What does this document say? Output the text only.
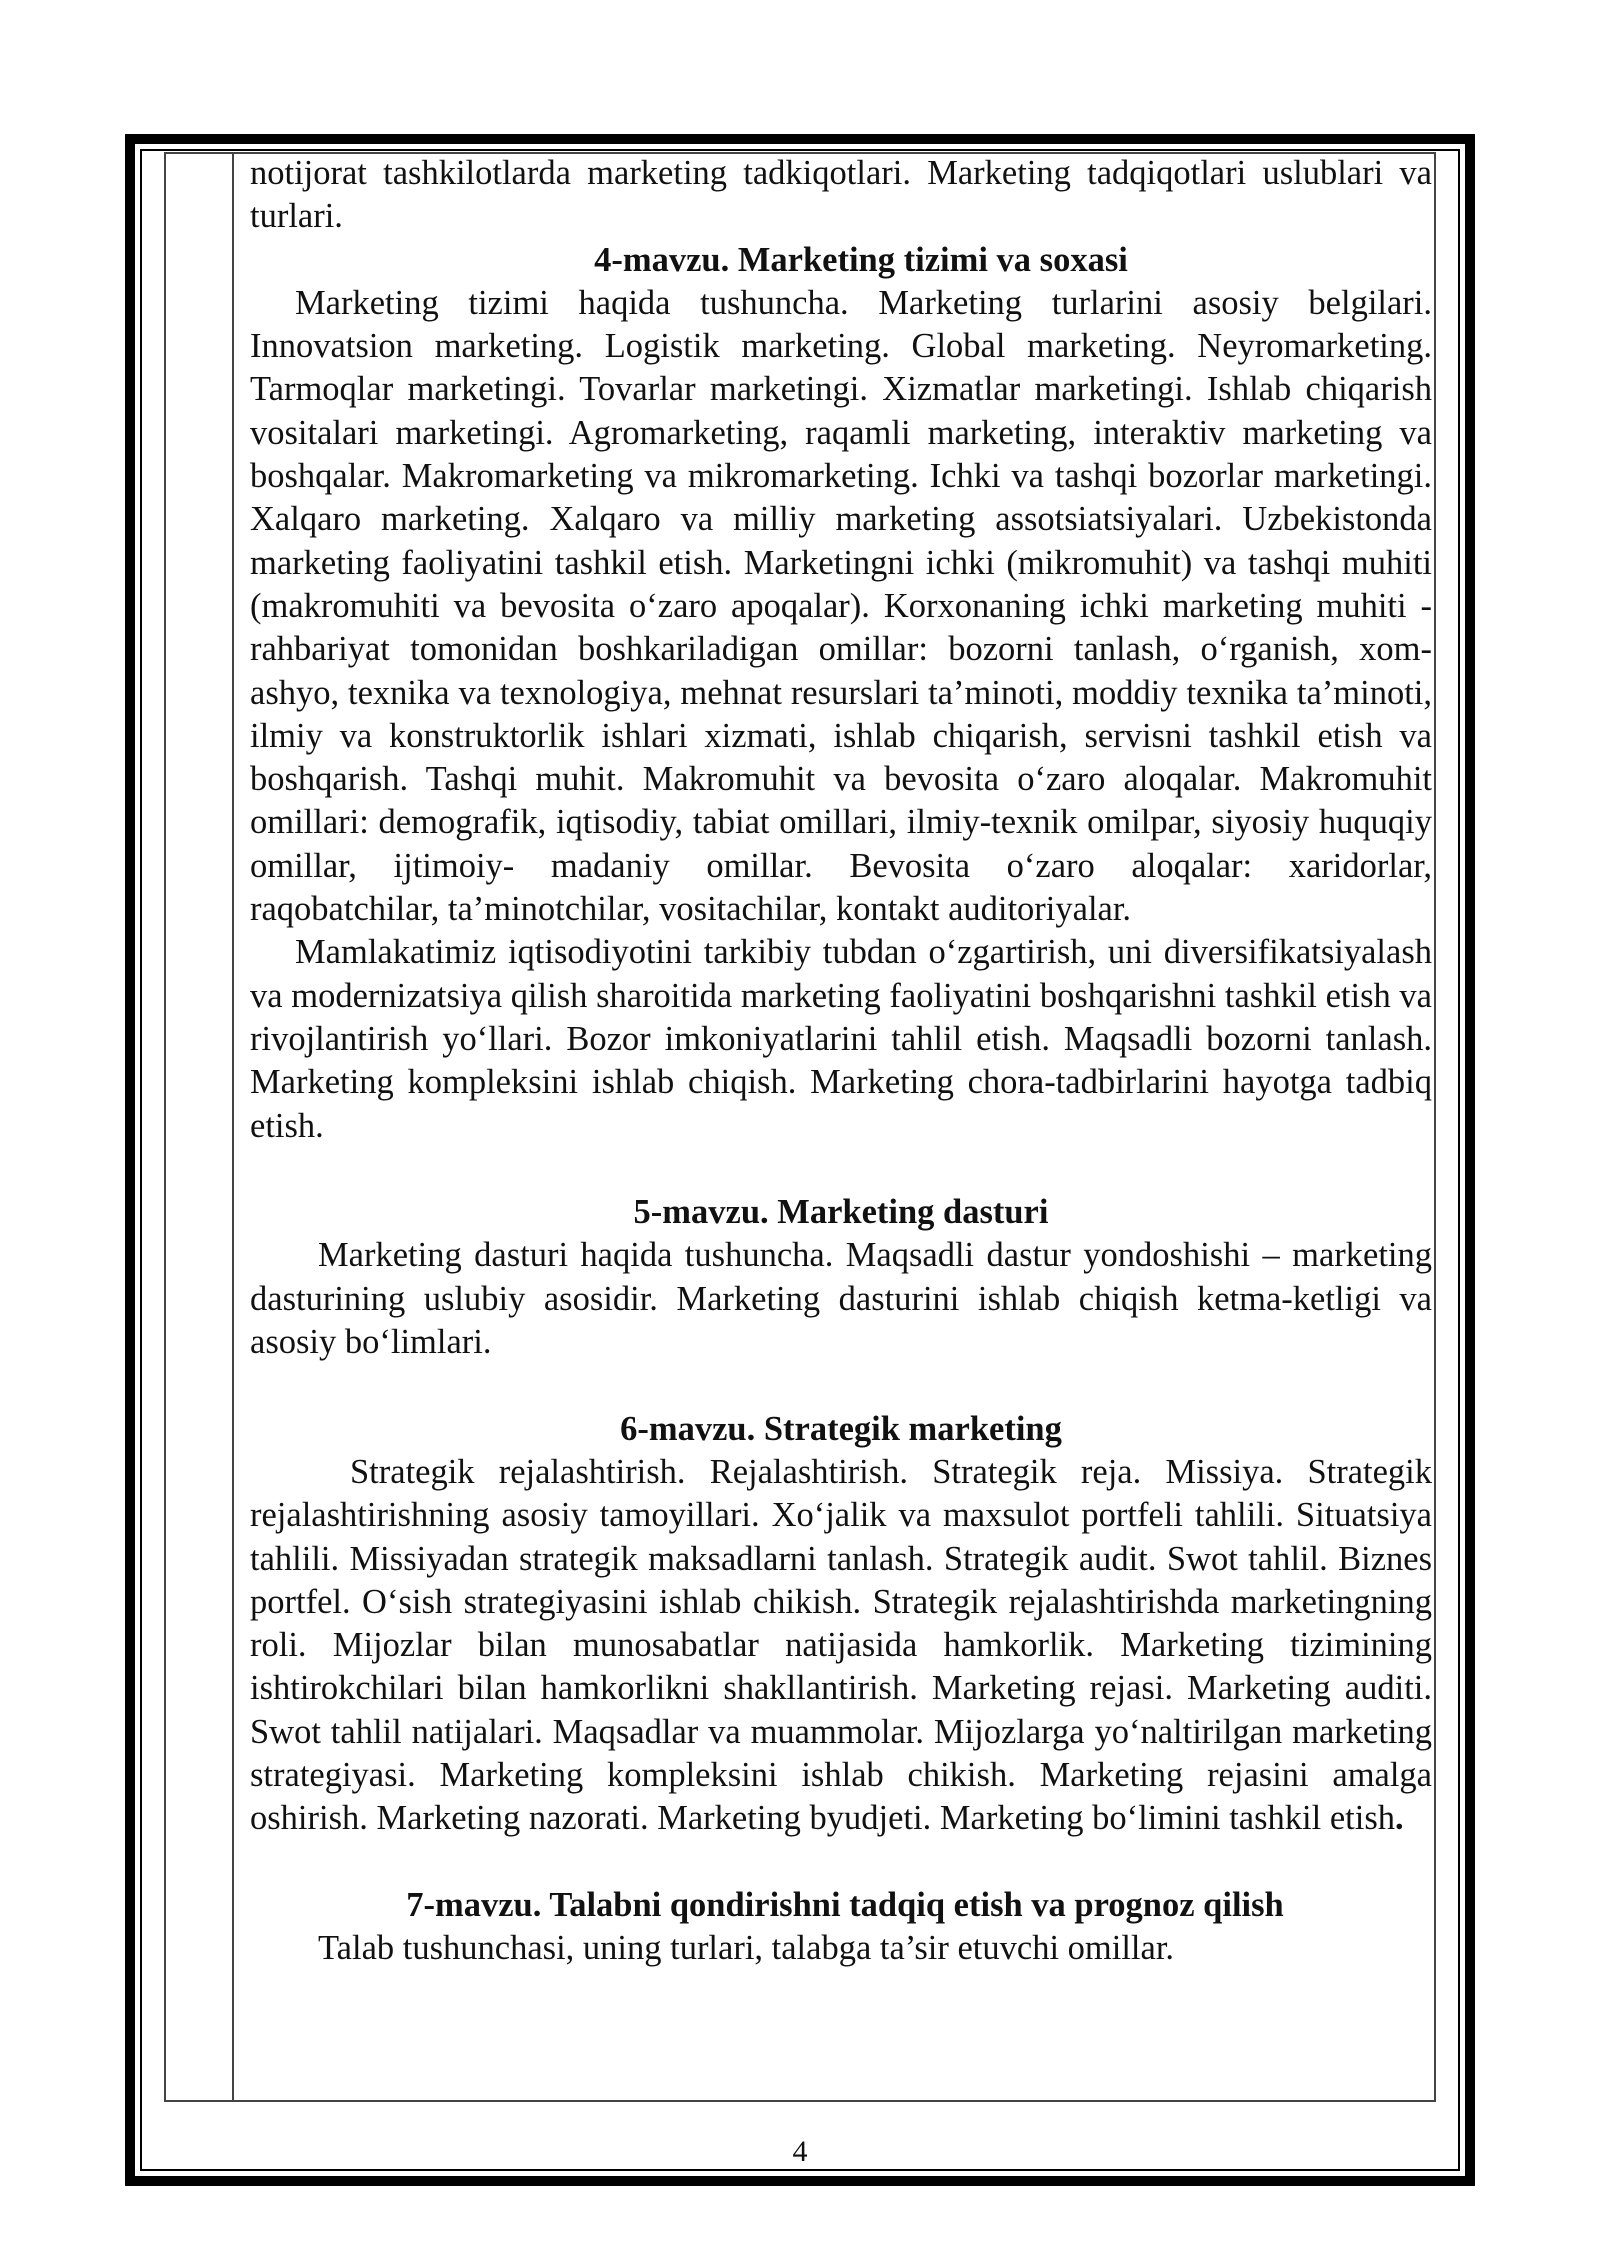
notijorat tashkilotlarda marketing tadkiqotlari. Marketing tadqiqotlari uslublari va turlari.

4-mavzu. Marketing tizimi va soxasi

Marketing tizimi haqida tushuncha. Marketing turlarini asosiy belgilari. Innovatsion marketing. Logistik marketing. Global marketing. Neyromarketing. Tarmoqlar marketingi. Tovarlar marketingi. Xizmatlar marketingi. Ishlab chiqarish vositalari marketingi. Agromarketing, raqamli marketing, interaktiv marketing va boshqalar. Makromarketing va mikromarketing. Ichki va tashqi bozorlar marketingi. Xalqaro marketing. Xalqaro va milliy marketing assotsiatsiyalari. Uzbekistonda marketing faoliyatini tashkil etish. Marketingni ichki (mikromuhit) va tashqi muhiti (makromuhiti va bevosita o‘zaro apoqalar). Korxonaning ichki marketing muhiti - rahbariyat tomonidan boshkariladigan omillar: bozorni tanlash, o‘rganish, xom-ashyo, texnika va texnologiya, mehnat resurslari ta’minoti, moddiy texnika ta’minoti, ilmiy va konstruktorlik ishlari xizmati, ishlab chiqarish, servisni tashkil etish va boshqarish. Tashqi muhit. Makromuhit va bevosita o‘zaro aloqalar. Makromuhit omillari: demografik, iqtisodiy, tabiat omillari, ilmiy-texnik omilpar, siyosiy huquqiy omillar, ijtimoiy- madaniy omillar. Bevosita o‘zaro aloqalar: xaridorlar, raqobatchilar, ta’minotchilar, vositachilar, kontakt auditoriyalar.

Mamlakatimiz iqtisodiyotini tarkibiy tubdan o‘zgartirish, uni diversifikatsiyalash va modernizatsiya qilish sharoitida marketing faoliyatini boshqarishni tashkil etish va rivojlantirish yo‘llari. Bozor imkoniyatlarini tahlil etish. Maqsadli bozorni tanlash. Marketing kompleksini ishlab chiqish. Marketing chora-tadbirlarini hayotga tadbiq etish.

5-mavzu. Marketing dasturi

Marketing dasturi haqida tushuncha. Maqsadli dastur yondoshishi – marketing dasturining uslubiy asosidir. Marketing dasturini ishlab chiqish ketma-ketligi va asosiy bo‘limlari.

6-mavzu. Strategik marketing

Strategik rejalashtirish. Rejalashtirish. Strategik reja. Missiya. Strategik rejalashtirishning asosiy tamoyillari. Xo‘jalik va maxsulot portfeli tahlili. Situatsiya tahlili. Missiyadan strategik maksadlarni tanlash. Strategik audit. Swot tahlil. Biznes portfel. O‘sish strategiyasini ishlab chikish. Strategik rejalashtirishda marketingning roli. Mijozlar bilan munosabatlar natijasida hamkorlik. Marketing tizimining ishtirokchilari bilan hamkorlikni shakllantirish. Marketing rejasi. Marketing auditi. Swot tahlil natijalari. Maqsadlar va muammolar. Mijozlarga yo‘naltirilgan marketing strategiyasi. Marketing kompleksini ishlab chikish. Marketing rejasini amalga oshirish. Marketing nazorati. Marketing byudjeti. Marketing bo‘limini tashkil etish.

7-mavzu. Talabni qondirishni tadqiq etish va prognoz qilish

Talab tushunchasi, uning turlari, talabga ta’sir etuvchi omillar.

4
